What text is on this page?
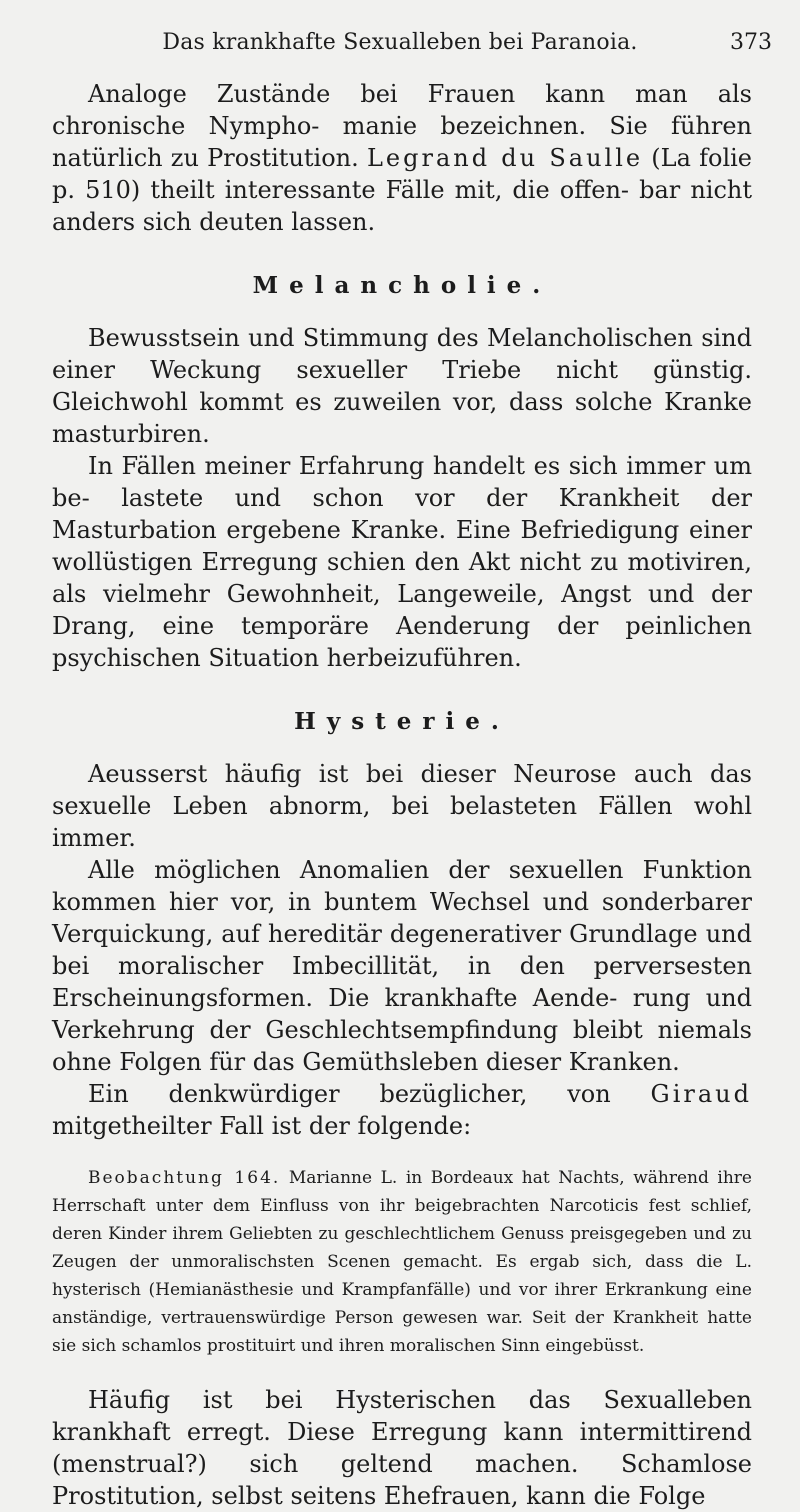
Das krankhafte Sexualleben bei Paranoia.	373

Analoge Zustände bei Frauen kann man als chronische Nympho- manie bezeichnen. Sie führen natürlich zu Prostitution. Legrand du Saulle (La folie p. 510) theilt interessante Fälle mit, die offen- bar nicht anders sich deuten lassen.

Melancholie.

Bewusstsein und Stimmung des Melancholischen sind einer Weckung sexueller Triebe nicht günstig. Gleichwohl kommt es zuweilen vor, dass solche Kranke masturbiren.

In Fällen meiner Erfahrung handelt es sich immer um be- lastete und schon vor der Krankheit der Masturbation ergebene Kranke. Eine Befriedigung einer wollüstigen Erregung schien den Akt nicht zu motiviren, als vielmehr Gewohnheit, Langeweile, Angst und der Drang, eine temporäre Aenderung der peinlichen psychischen Situation herbeizuführen.

Hysterie.

Aeusserst häufig ist bei dieser Neurose auch das sexuelle Leben abnorm, bei belasteten Fällen wohl immer.

Alle möglichen Anomalien der sexuellen Funktion kommen hier vor, in buntem Wechsel und sonderbarer Verquickung, auf hereditär degenerativer Grundlage und bei moralischer Imbecillität, in den perversesten Erscheinungsformen. Die krankhafte Aende- rung und Verkehrung der Geschlechtsempfindung bleibt niemals ohne Folgen für das Gemüthsleben dieser Kranken.

Ein denkwürdiger bezüglicher, von Giraud mitgetheilter Fall ist der folgende:

Beobachtung 164. Marianne L. in Bordeaux hat Nachts, während ihre Herrschaft unter dem Einfluss von ihr beigebrachten Narcoticis fest schlief, deren Kinder ihrem Geliebten zu geschlechtlichem Genuss preisgegeben und zu Zeugen der unmoralischsten Scenen gemacht. Es ergab sich, dass die L. hysterisch (Hemianästhesie und Krampfanfälle) und vor ihrer Erkrankung eine anständige, vertrauenswürdige Person gewesen war. Seit der Krankheit hatte sie sich schamlos prostituirt und ihren moralischen Sinn eingebüsst.

Häufig ist bei Hysterischen das Sexualleben krankhaft erregt. Diese Erregung kann intermittirend (menstrual?) sich geltend machen. Schamlose Prostitution, selbst seitens Ehefrauen, kann die Folge
